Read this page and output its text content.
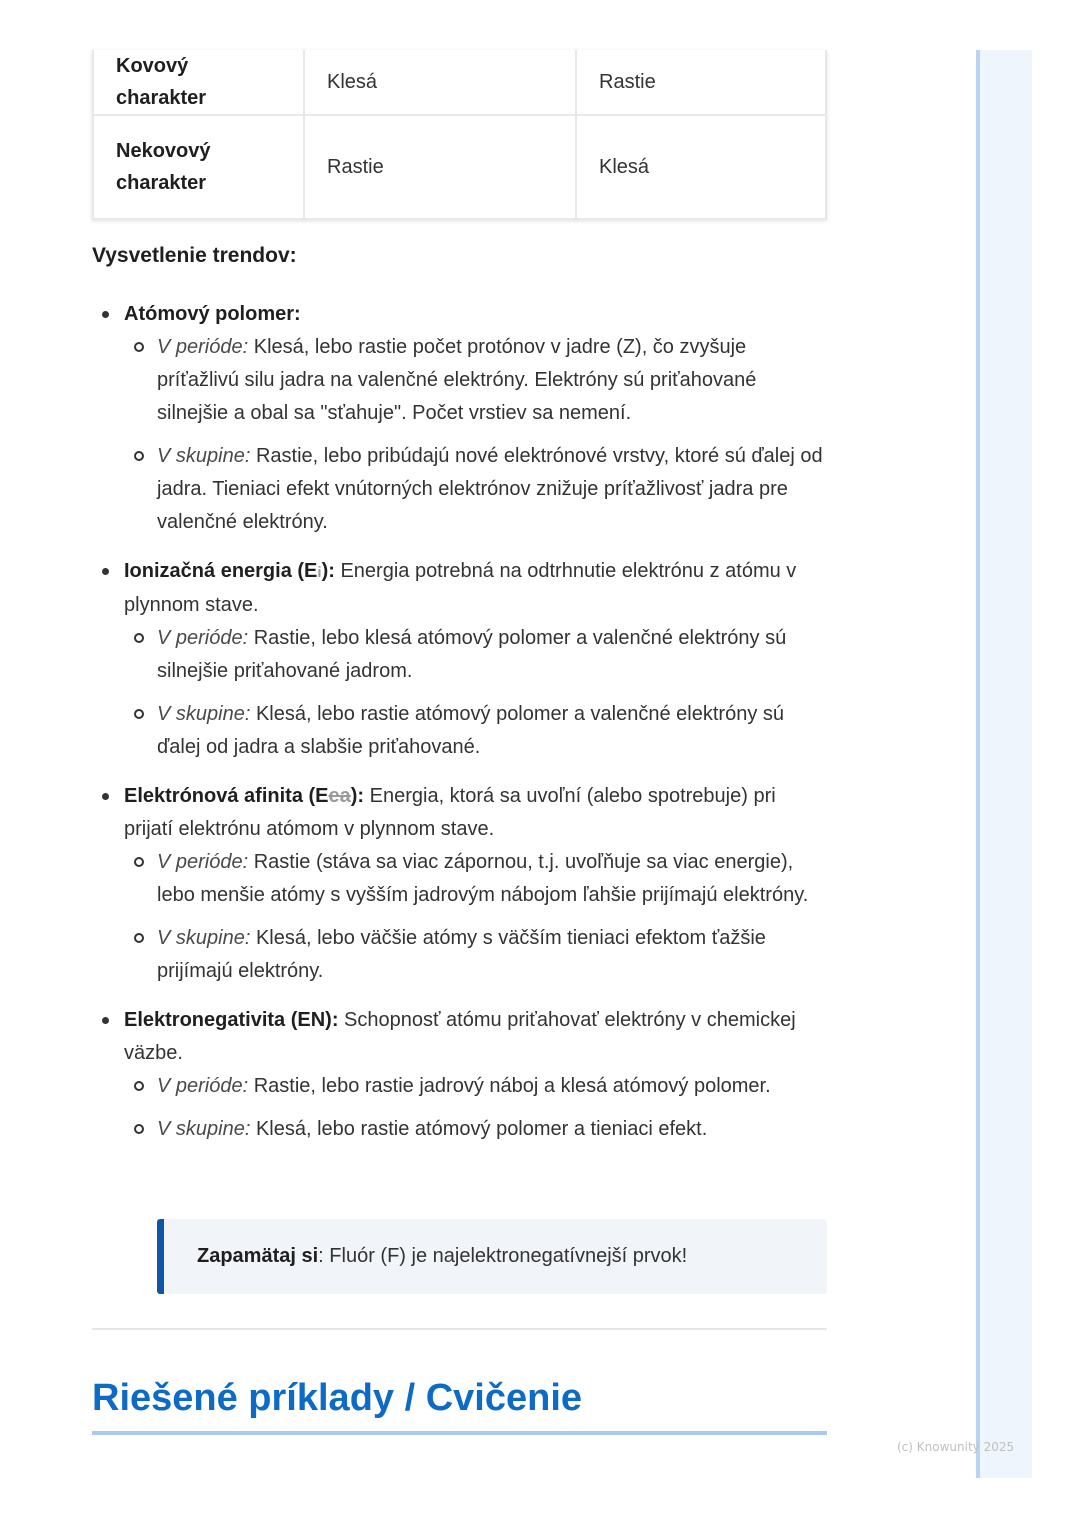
Kovový charakter	Klesá	Rastie
Nekovový charakter	Rastie	Klesá
Vysvetlenie trendov:
Atómový polomer:
V perióde: Klesá, lebo rastie počet protónov v jadre (Z), čo zvyšuje príťažlivú silu jadra na valenčné elektróny. Elektróny sú priťahované silnejšie a obal sa "sťahuje". Počet vrstiev sa nemení.
V skupine: Rastie, lebo pribúdajú nové elektrónové vrstvy, ktoré sú ďalej od jadra. Tieniaci efekt vnútorných elektrónov znižuje príťažlivosť jadra pre valenčné elektróny.
Ionizačná energia (Ei): Energia potrebná na odtrhnutie elektrónu z atómu v plynnom stave.
V perióde: Rastie, lebo klesá atómový polomer a valenčné elektróny sú silnejšie priťahované jadrom.
V skupine: Klesá, lebo rastie atómový polomer a valenčné elektróny sú ďalej od jadra a slabšie priťahované.
Elektrónová afinita (Eea): Energia, ktorá sa uvoľní (alebo spotrebuje) pri prijatí elektrónu atómom v plynnom stave.
V perióde: Rastie (stáva sa viac zápornou, t.j. uvoľňuje sa viac energie), lebo menšie atómy s vyšším jadrovým nábojom ľahšie prijímajú elektróny.
V skupine: Klesá, lebo väčšie atómy s väčším tieniaci efektom ťažšie prijímajú elektróny.
Elektronegativita (EN): Schopnosť atómu priťahovať elektróny v chemickej väzbe.
V perióde: Rastie, lebo rastie jadrový náboj a klesá atómový polomer.
V skupine: Klesá, lebo rastie atómový polomer a tieniaci efekt.
Zapamätaj si: Fluór (F) je najelektronegatívnejší prvok!
Riešené príklady / Cvičenie
(c) Knowunity 2025
